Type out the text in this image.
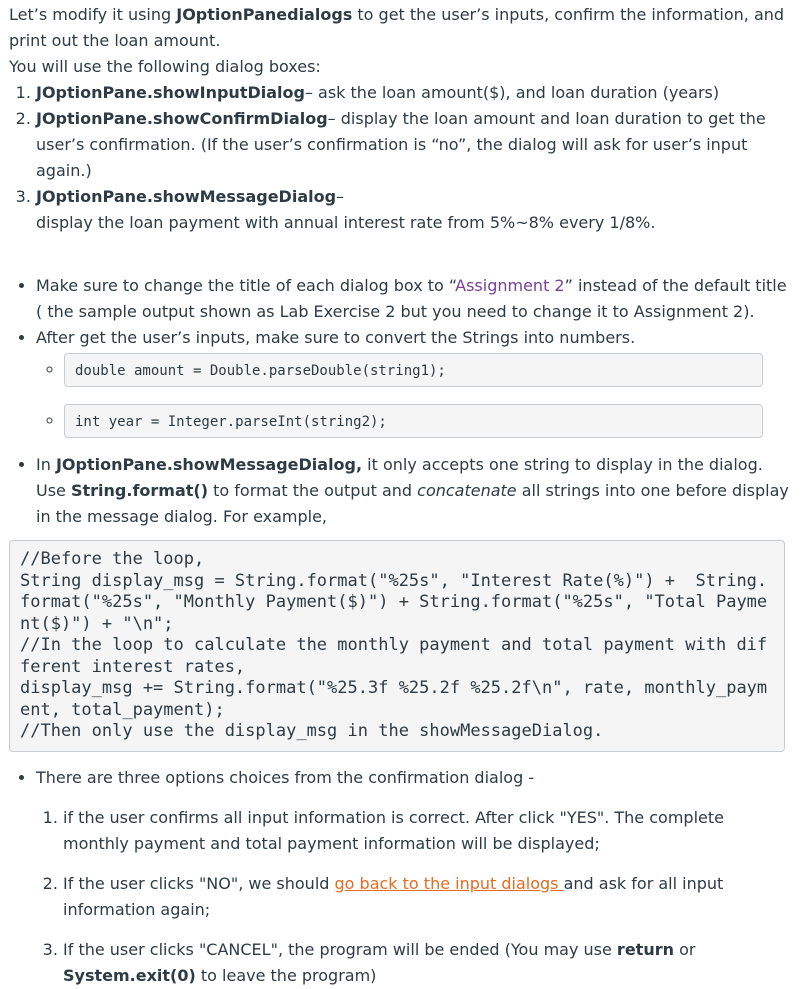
Let’s modify it using JOptionPanedialogs to get the user’s inputs, confirm the information, and print out the loan amount.

You will use the following dialog boxes:

1. JOptionPane.showInputDialog– ask the loan amount($), and loan duration (years)
2. JOptionPane.showConfirmDialog– display the loan amount and loan duration to get the user’s confirmation. (If the user’s confirmation is “no”, the dialog will ask for user’s input again.)
3. JOptionPane.showMessageDialog–
display the loan payment with annual interest rate from 5%~8% every 1/8%.
• Make sure to change the title of each dialog box to “Assignment 2” instead of the default title ( the sample output shown as Lab Exercise 2 but you need to change it to Assignment 2).
• After get the user’s inputs, make sure to convert the Strings into numbers.
◦ double amount = Double.parseDouble(string1);
◦ int year = Integer.parseInt(string2);
• In JOptionPane.showMessageDialog, it only accepts one string to display in the dialog. Use String.format() to format the output and concatenate all strings into one before display in the message dialog. For example,
//Before the loop,
String display_msg = String.format("%25s", "Interest Rate(%)") +  String.format("%25s", "Monthly Payment($)") + String.format("%25s", "Total Payment($)") + "\n";
//In the loop to calculate the monthly payment and total payment with different interest rates,
display_msg += String.format("%25.3f %25.2f %25.2f\n", rate, monthly_payment, total_payment);
//Then only use the display_msg in the showMessageDialog.
• There are three options choices from the confirmation dialog -
1. if the user confirms all input information is correct. After click "YES". The complete monthly payment and total payment information will be displayed;
2. If the user clicks "NO", we should go back to the input dialogs and ask for all input information again;
3. If the user clicks "CANCEL", the program will be ended (You may use return or System.exit(0) to leave the program)
